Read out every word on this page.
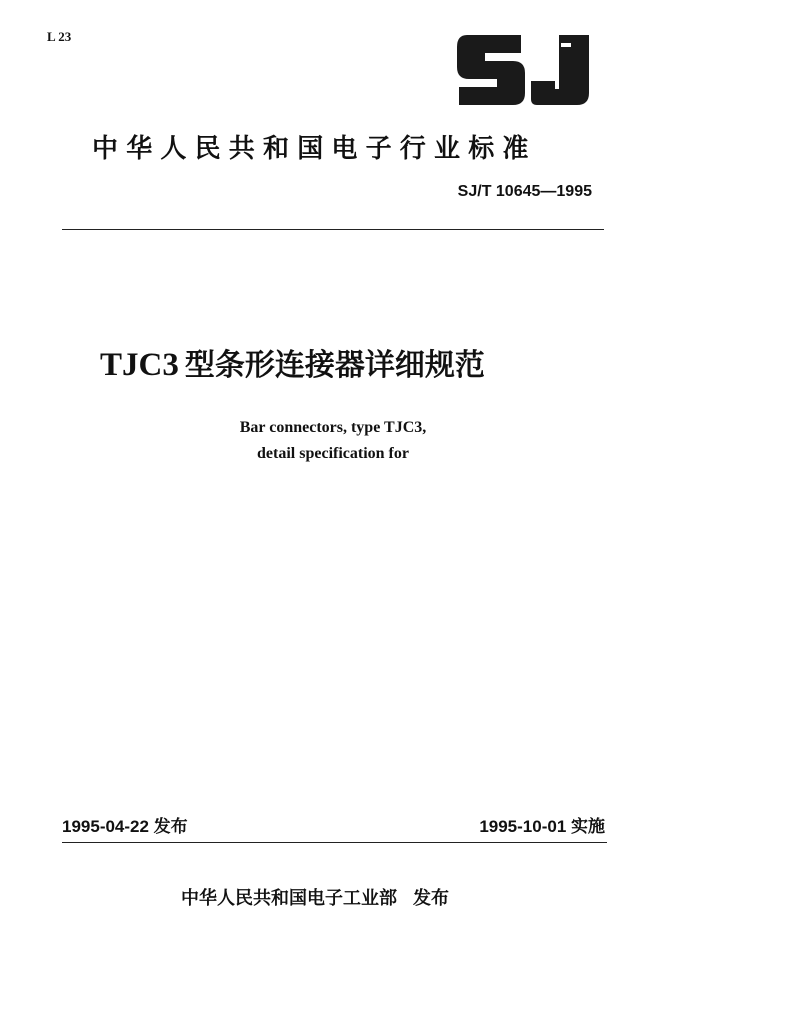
L 23
中华人民共和国电子行业标准
SJ/T 10645—1995
TJC3 型条形连接器详细规范
Bar connectors, type TJC3,
detail specification for
1995-04-22 发布	1995-10-01 实施
中华人民共和国电子工业部 发布
